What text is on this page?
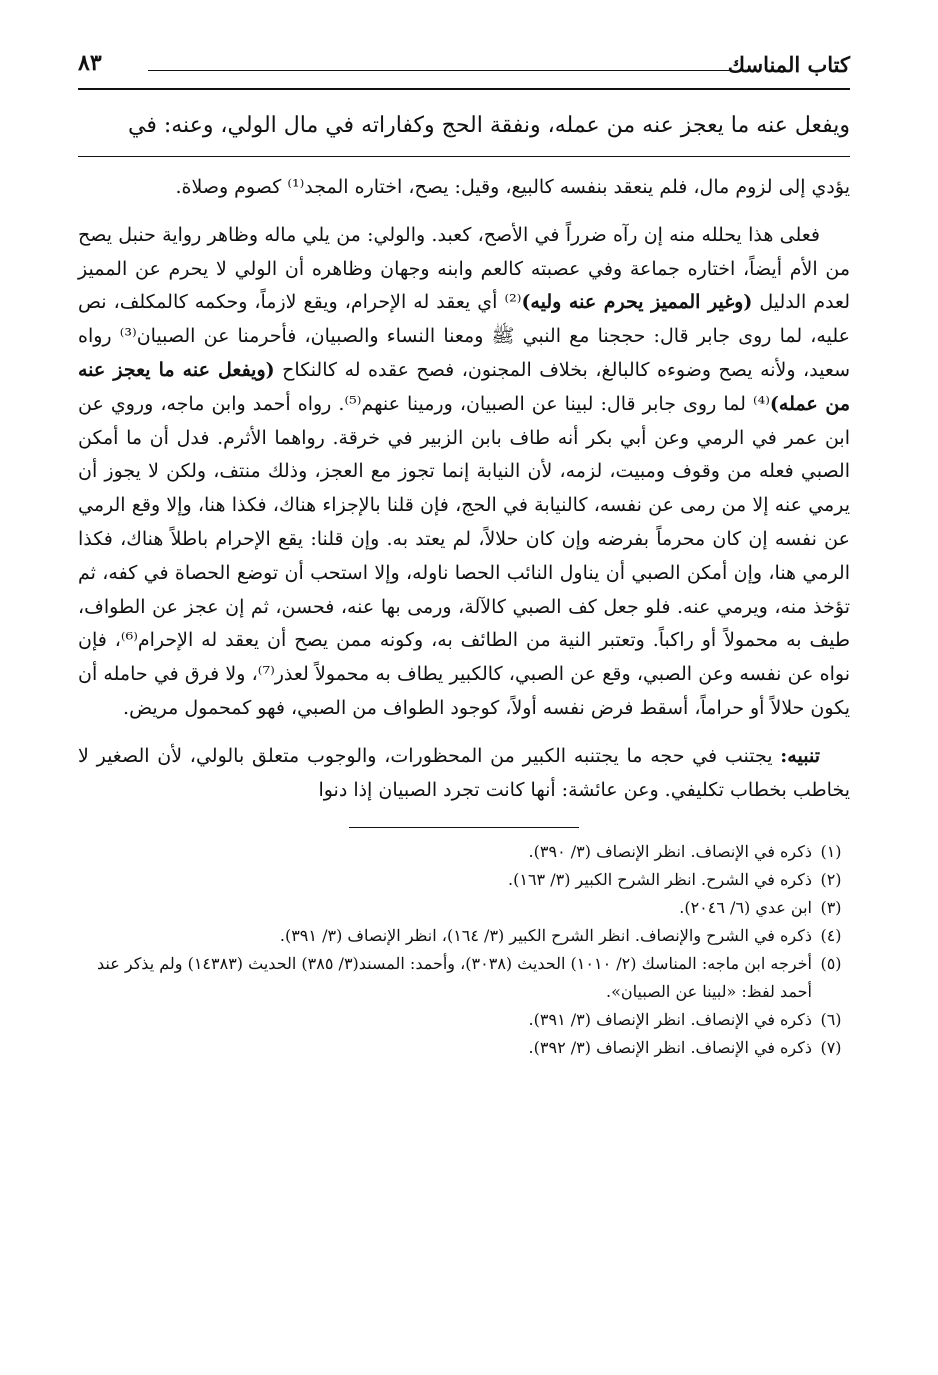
كتاب المناسك
٨٣
ويفعل عنه ما يعجز عنه من عمله، ونفقة الحج وكفاراته في مال الولي، وعنه: في

يؤدي إلى لزوم مال، فلم ينعقد بنفسه كالبيع، وقيل: يصح، اختاره المجد⁽¹⁾ كصوم وصلاة.

فعلى هذا يحلله منه إن رآه ضرراً في الأصح، كعبد. والولي: من يلي ماله وظاهر رواية حنبل يصح من الأم أيضاً، اختاره جماعة وفي عصبته كالعم وابنه وجهان وظاهره أن الولي لا يحرم عن المميز لعدم الدليل (وغير المميز يحرم عنه وليه)⁽²⁾ أي يعقد له الإحرام، ويقع لازماً، وحكمه كالمكلف، نص عليه، لما روى جابر قال: حججنا مع النبي ﷺ ومعنا النساء والصبيان، فأحرمنا عن الصبيان⁽³⁾ رواه سعيد، ولأنه يصح وضوءه كالبالغ، بخلاف المجنون، فصح عقده له كالنكاح (ويفعل عنه ما يعجز عنه من عمله)⁽⁴⁾ لما روى جابر قال: لبينا عن الصبيان، ورمينا عنهم⁽⁵⁾. رواه أحمد وابن ماجه، وروي عن ابن عمر في الرمي وعن أبي بكر أنه طاف بابن الزبير في خرقة. رواهما الأثرم. فدل أن ما أمكن الصبي فعله من وقوف ومبيت، لزمه، لأن النيابة إنما تجوز مع العجز، وذلك منتف، ولكن لا يجوز أن يرمي عنه إلا من رمى عن نفسه، كالنيابة في الحج، فإن قلنا بالإجزاء هناك، فكذا هنا، وإلا وقع الرمي عن نفسه إن كان محرماً بفرضه وإن كان حلالاً، لم يعتد به. وإن قلنا: يقع الإحرام باطلاً هناك، فكذا الرمي هنا، وإن أمكن الصبي أن يناول النائب الحصا ناوله، وإلا استحب أن توضع الحصاة في كفه، ثم تؤخذ منه، ويرمي عنه. فلو جعل كف الصبي كالآلة، ورمى بها عنه، فحسن، ثم إن عجز عن الطواف، طيف به محمولاً أو راكباً. وتعتبر النية من الطائف به، وكونه ممن يصح أن يعقد له الإحرام⁽⁶⁾، فإن نواه عن نفسه وعن الصبي، وقع عن الصبي، كالكبير يطاف به محمولاً لعذر⁽⁷⁾، ولا فرق في حامله أن يكون حلالاً أو حراماً، أسقط فرض نفسه أولاً، كوجود الطواف من الصبي، فهو كمحمول مريض.

تنبيه: يجتنب في حجه ما يجتنبه الكبير من المحظورات، والوجوب متعلق بالولي، لأن الصغير لا يخاطب بخطاب تكليفي. وعن عائشة: أنها كانت تجرد الصبيان إذا دنوا

(١)
ذكره في الإنصاف. انظر الإنصاف (٣/ ٣٩٠).
(٢)
ذكره في الشرح. انظر الشرح الكبير (٣/ ١٦٣).
(٣)
ابن عدي (٦/ ٢٠٤٦).
(٤)
ذكره في الشرح والإنصاف. انظر الشرح الكبير (٣/ ١٦٤)، انظر الإنصاف (٣/ ٣٩١).
(٥)
أخرجه ابن ماجه: المناسك (٢/ ١٠١٠) الحديث (٣٠٣٨)، وأحمد: المسند(٣/ ٣٨٥) الحديث (١٤٣٨٣) ولم يذكر عند أحمد لفظ: «لبينا عن الصبيان».
(٦)
ذكره في الإنصاف. انظر الإنصاف (٣/ ٣٩١).
(٧)
ذكره في الإنصاف. انظر الإنصاف (٣/ ٣٩٢).
